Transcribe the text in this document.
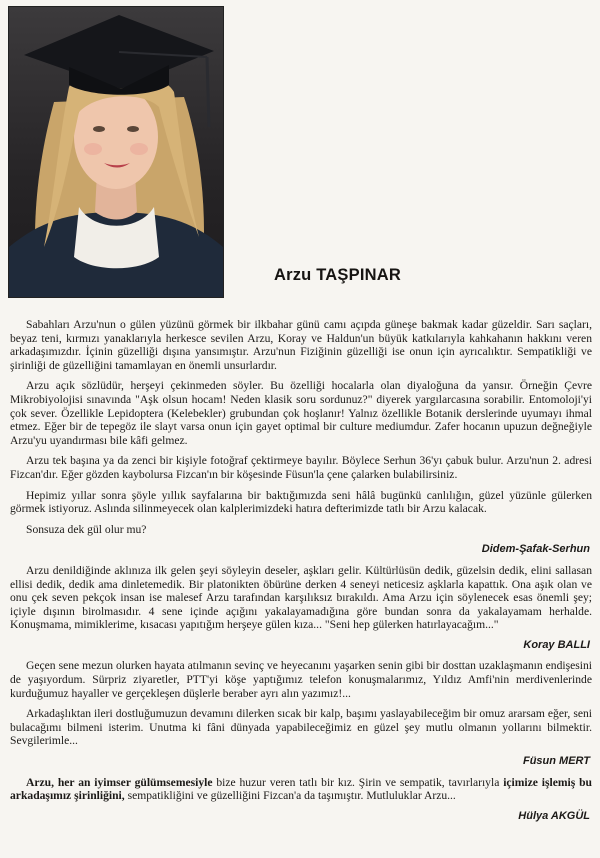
Arzu TAŞPINAR

Sabahları Arzu'nun o gülen yüzünü görmek bir ilkbahar günü camı açıpda güneşe bakmak kadar güzeldir. Sarı saçları, beyaz teni, kırmızı yanaklarıyla herkesce sevilen Arzu, Koray ve Haldun'un büyük katkılarıyla kahkahanın hakkını veren arkadaşımızdır. İçinin güzelliği dışına yansımıştır. Arzu'nun Fiziğinin güzelliği ise onun için ayrıcalıktır. Sempatikliği ve şirinliği de güzelliğini tamamlayan en önemli unsurlardır.

Arzu açık sözlüdür, herşeyi çekinmeden söyler. Bu özelliği hocalarla olan diyaloğuna da yansır. Örneğin Çevre Mikrobiyolojisi sınavında "Aşk olsun hocam! Neden klasik soru sordunuz?" diyerek yargılarcasına sorabilir. Entomoloji'yi çok sever. Özellikle Lepidoptera (Kelebekler) grubundan çok hoşlanır! Yalnız özellikle Botanik derslerinde uyumayı ihmal etmez. Eğer bir de tepegöz ile slayt varsa onun için gayet optimal bir culture mediumdur. Zafer hocanın upuzun değneğiyle Arzu'yu uyandırması bile kâfi gelmez.

Arzu tek başına ya da zenci bir kişiyle fotoğraf çektirmeye bayılır. Böylece Serhun 36'yı çabuk bulur. Arzu'nun 2. adresi Fizcan'dır. Eğer gözden kaybolursa Fizcan'ın bir köşesinde Füsun'la çene çalarken bulabilirsiniz.

Hepimiz yıllar sonra şöyle yıllık sayfalarına bir baktığımızda seni hâlâ bugünkü canlılığın, güzel yüzünle gülerken görmek istiyoruz. Aslında silinmeyecek olan kalplerimizdeki hatıra defterimizde tatlı bir Arzu kalacak.

Sonsuza dek gül olur mu?

Didem-Şafak-Serhun

Arzu denildiğinde aklınıza ilk gelen şeyi söyleyin deseler, aşkları gelir. Kültürlüsün dedik, güzelsin dedik, elini sallasan ellisi dedik, dedik ama dinletemedik. Bir platonikten öbürüne derken 4 seneyi neticesiz aşklarla kapattık. Ona aşık olan ve onu çek seven pekçok insan ise malesef Arzu tarafından karşılıksız bırakıldı. Ama Arzu için söylenecek esas önemli şey; içiyle dışının birolmasıdır. 4 sene içinde açığını yakalayamadığına göre bundan sonra da yakalayamam herhalde. Konuşmama, mimiklerime, kısacası yapıtığım herşeye gülen kıza... "Seni hep gülerken hatırlayacağım..."

Koray BALLI

Geçen sene mezun olurken hayata atılmanın sevinç ve heyecanını yaşarken senin gibi bir dosttan uzaklaşmanın endişesini de yaşıyordum. Sürpriz ziyaretler, PTT'yi köşe yaptığımız telefon konuşmalarımız, Yıldız Amfi'nin merdivenlerinde kurduğumuz hayaller ve gerçekleşen düşlerle beraber ayrı alın yazımız!...

Arkadaşlıktan ileri dostluğumuzun devamını dilerken sıcak bir kalp, başımı yaslayabileceğim bir omuz ararsam eğer, seni bulacağımı bilmeni isterim. Unutma ki fâni dünyada yapabileceğimiz en güzel şey mutlu olmanın yollarını bilmektir. Sevgilerimle...

Füsun MERT

Arzu, her an iyimser gülümsemesiyle bize huzur veren tatlı bir kız. Şirin ve sempatik, tavırlarıyla içimize işlemiş bu arkadaşımız şirinliğini, sempatikliğini ve güzelliğini Fizcan'a da taşımıştır. Mutluluklar Arzu...

Hülya AKGÜL
